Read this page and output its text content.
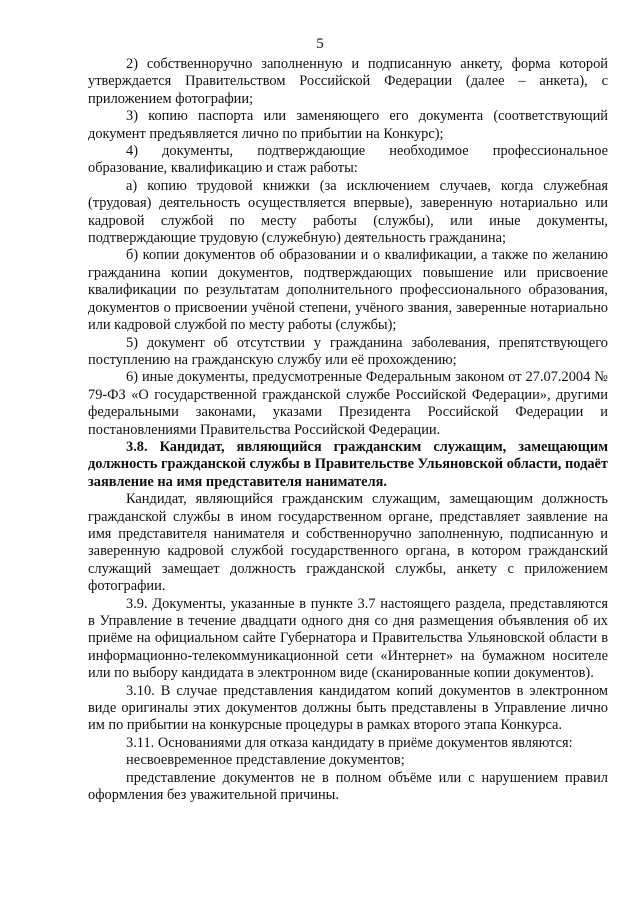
5

2) собственноручно заполненную и подписанную анкету, форма которой утверждается Правительством Российской Федерации (далее – анкета), с приложением фотографии;

3) копию паспорта или заменяющего его документа (соответствующий документ предъявляется лично по прибытии на Конкурс);

4) документы, подтверждающие необходимое профессиональное образование, квалификацию и стаж работы:

а) копию трудовой книжки (за исключением случаев, когда служебная (трудовая) деятельность осуществляется впервые), заверенную нотариально или кадровой службой по месту работы (службы), или иные документы, подтверждающие трудовую (служебную) деятельность гражданина;

б) копии документов об образовании и о квалификации, а также по желанию гражданина копии документов, подтверждающих повышение или присвоение квалификации по результатам дополнительного профессионального образования, документов о присвоении учёной степени, учёного звания, заверенные нотариально или кадровой службой по месту работы (службы);

5) документ об отсутствии у гражданина заболевания, препятствующего поступлению на гражданскую службу или её прохождению;

6) иные документы, предусмотренные Федеральным законом от 27.07.2004 № 79-ФЗ «О государственной гражданской службе Российской Федерации», другими федеральными законами, указами Президента Российской Федерации и постановлениями Правительства Российской Федерации.

3.8. Кандидат, являющийся гражданским служащим, замещающим должность гражданской службы в Правительстве Ульяновской области, подаёт заявление на имя представителя нанимателя.

Кандидат, являющийся гражданским служащим, замещающим должность гражданской службы в ином государственном органе, представляет заявление на имя представителя нанимателя и собственноручно заполненную, подписанную и заверенную кадровой службой государственного органа, в котором гражданский служащий замещает должность гражданской службы, анкету с приложением фотографии.

3.9. Документы, указанные в пункте 3.7 настоящего раздела, представляются в Управление в течение двадцати одного дня со дня размещения объявления об их приёме на официальном сайте Губернатора и Правительства Ульяновской области в информационно-телекоммуникационной сети «Интернет» на бумажном носителе или по выбору кандидата в электронном виде (сканированные копии документов).

3.10. В случае представления кандидатом копий документов в электронном виде оригиналы этих документов должны быть представлены в Управление лично им по прибытии на конкурсные процедуры в рамках второго этапа Конкурса.

3.11. Основаниями для отказа кандидату в приёме документов являются:

несвоевременное представление документов;

представление документов не в полном объёме или с нарушением правил оформления без уважительной причины.
